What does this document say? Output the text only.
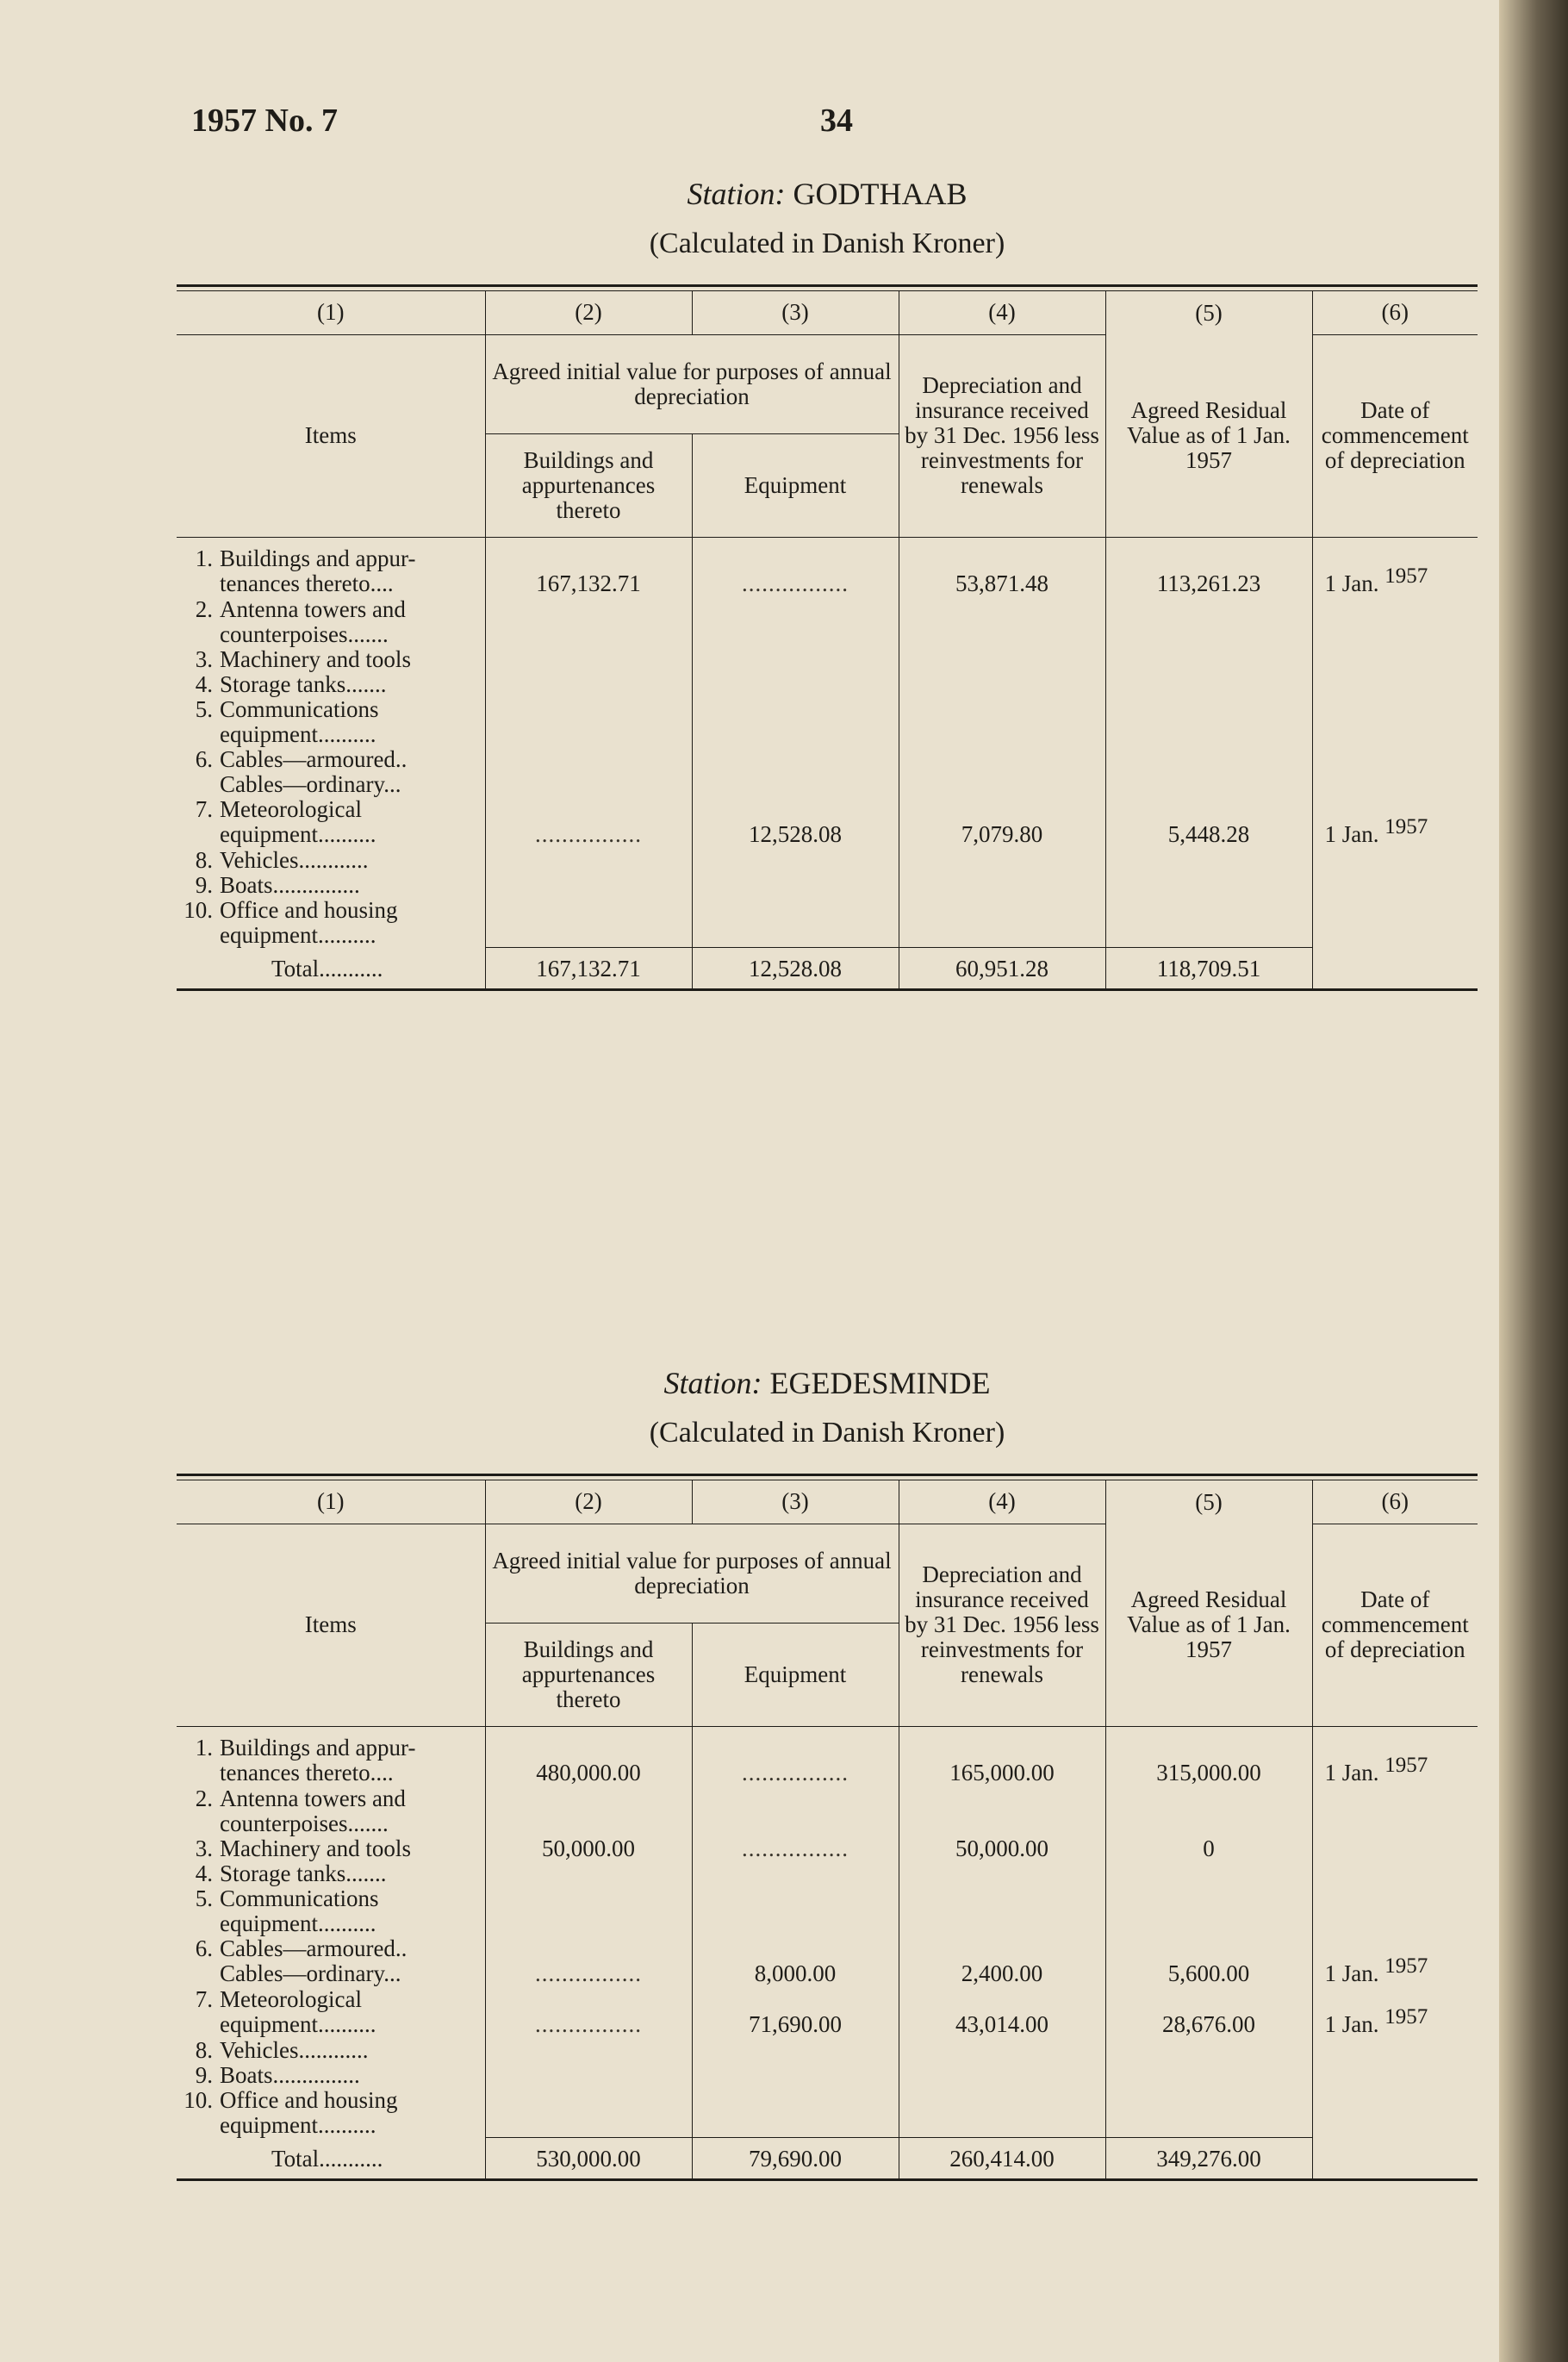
1957 No. 7	34
Station: GODTHAAB
(Calculated in Danish Kroner)
(1)	(2)	(3)	(4)	(5)	(6)
Items	Agreed initial value for purposes of annual depreciation		Depreciation and insurance received by 31 Dec. 1956 less reinvestments for renewals	Agreed Residual Value as of 1 Jan. 1957	Date of commencement of depreciation
	Buildings and appurtenances thereto	Equipment			

1. Buildings and appur-
tenances thereto....	167,132.71	................	53,871.48	113,261.23	1 Jan. 1957

2. Antenna towers and
counterpoises.......					

3. Machinery and tools					

4. Storage tanks.......					

5. Communications
equipment..........					

6. Cables—armoured..
Cables—ordinary...					

7. Meteorological
equipment..........	................	12,528.08	7,079.80	5,448.28	1 Jan. 1957

8. Vehicles............					

9. Boats...............					

10. Office and housing
equipment..........					

Total...........	167,132.71	12,528.08	60,951.28	118,709.51	
Station: EGEDESMINDE
(Calculated in Danish Kroner)
(1)	(2)	(3)	(4)	(5)	(6)
Items	Agreed initial value for purposes of annual depreciation		Depreciation and insurance received by 31 Dec. 1956 less reinvestments for renewals	Agreed Residual Value as of 1 Jan. 1957	Date of commencement of depreciation
	Buildings and appurtenances thereto	Equipment			

1. Buildings and appur-
tenances thereto....	480,000.00	................	165,000.00	315,000.00	1 Jan. 1957

2. Antenna towers and
counterpoises.......					

3. Machinery and tools	50,000.00	................	50,000.00	0	

4. Storage tanks.......					

5. Communications
equipment..........					

6. Cables—armoured..
Cables—ordinary...	................	8,000.00	2,400.00	5,600.00	1 Jan. 1957

7. Meteorological
equipment..........	................	71,690.00	43,014.00	28,676.00	1 Jan. 1957

8. Vehicles............					

9. Boats...............					

10. Office and housing
equipment..........					

Total...........	530,000.00	79,690.00	260,414.00	349,276.00	
